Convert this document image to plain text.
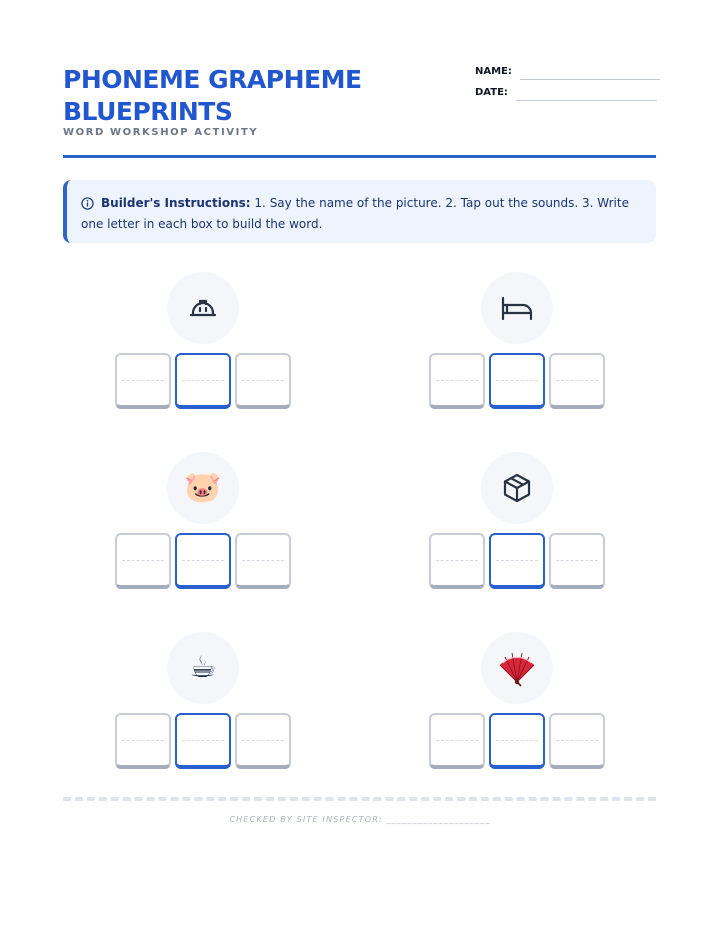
PHONEME GRAPHEME BLUEPRINTS
WORD WORKSHOP ACTIVITY
NAME:
DATE:
Builder's Instructions: 1. Say the name of the picture. 2. Tap out the sounds. 3. Write one letter in each box to build the word.
🐷
☕
CHECKED BY SITE INSPECTOR: ____________________
